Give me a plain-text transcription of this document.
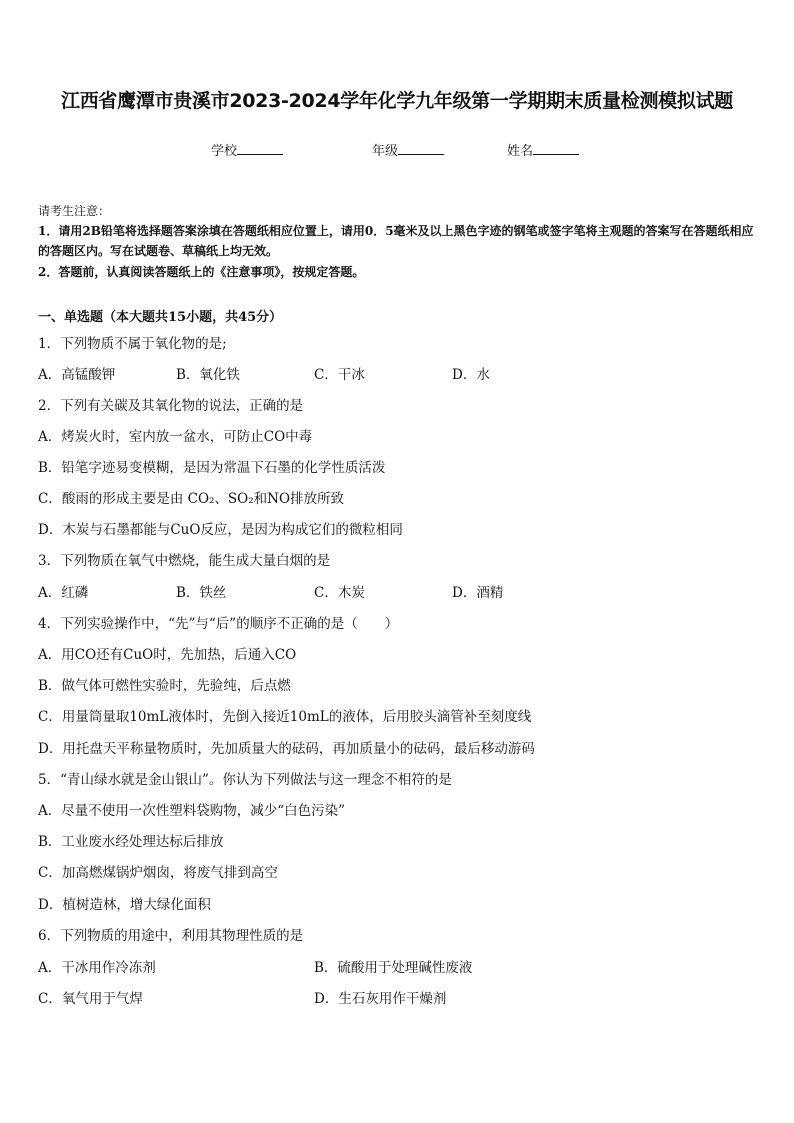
江西省鹰潭市贵溪市2023-2024学年化学九年级第一学期期末质量检测模拟试题
学校	年级	姓名
请考生注意：
1．请用2B铅笔将选择题答案涂填在答题纸相应位置上，请用0．5毫米及以上黑色字迹的钢笔或签字笔将主观题的答案写在答题纸相应的答题区内。写在试题卷、草稿纸上均无效。
2．答题前，认真阅读答题纸上的《注意事项》，按规定答题。
一、单选题（本大题共15小题，共45分）
1．下列物质不属于氧化物的是;
A．高锰酸钾	B．氧化铁	C．干冰	D．水
2．下列有关碳及其氧化物的说法，正确的是
A．烤炭火时，室内放一盆水，可防止CO中毒
B．铅笔字迹易变模糊，是因为常温下石墨的化学性质活泼
C．酸雨的形成主要是由 CO₂、SO₂和NO排放所致
D．木炭与石墨都能与CuO反应，是因为构成它们的微粒相同
3．下列物质在氧气中燃烧，能生成大量白烟的是
A．红磷	B．铁丝	C．木炭	D．酒精
4．下列实验操作中，“先”与“后”的顺序不正确的是（　　）
A．用CO还有CuO时，先加热，后通入CO
B．做气体可燃性实验时，先验纯，后点燃
C．用量筒量取10mL液体时，先倒入接近10mL的液体，后用胶头滴管补至刻度线
D．用托盘天平称量物质时，先加质量大的砝码，再加质量小的砝码，最后移动游码
5．“青山绿水就是金山银山”。你认为下列做法与这一理念不相符的是
A．尽量不使用一次性塑料袋购物，减少“白色污染”
B．工业废水经处理达标后排放
C．加高燃煤锅炉烟囱，将废气排到高空
D．植树造林，增大绿化面积
6．下列物质的用途中，利用其物理性质的是
A．干冰用作冷冻剂	B．硫酸用于处理碱性废液
C．氧气用于气焊	D．生石灰用作干燥剂
